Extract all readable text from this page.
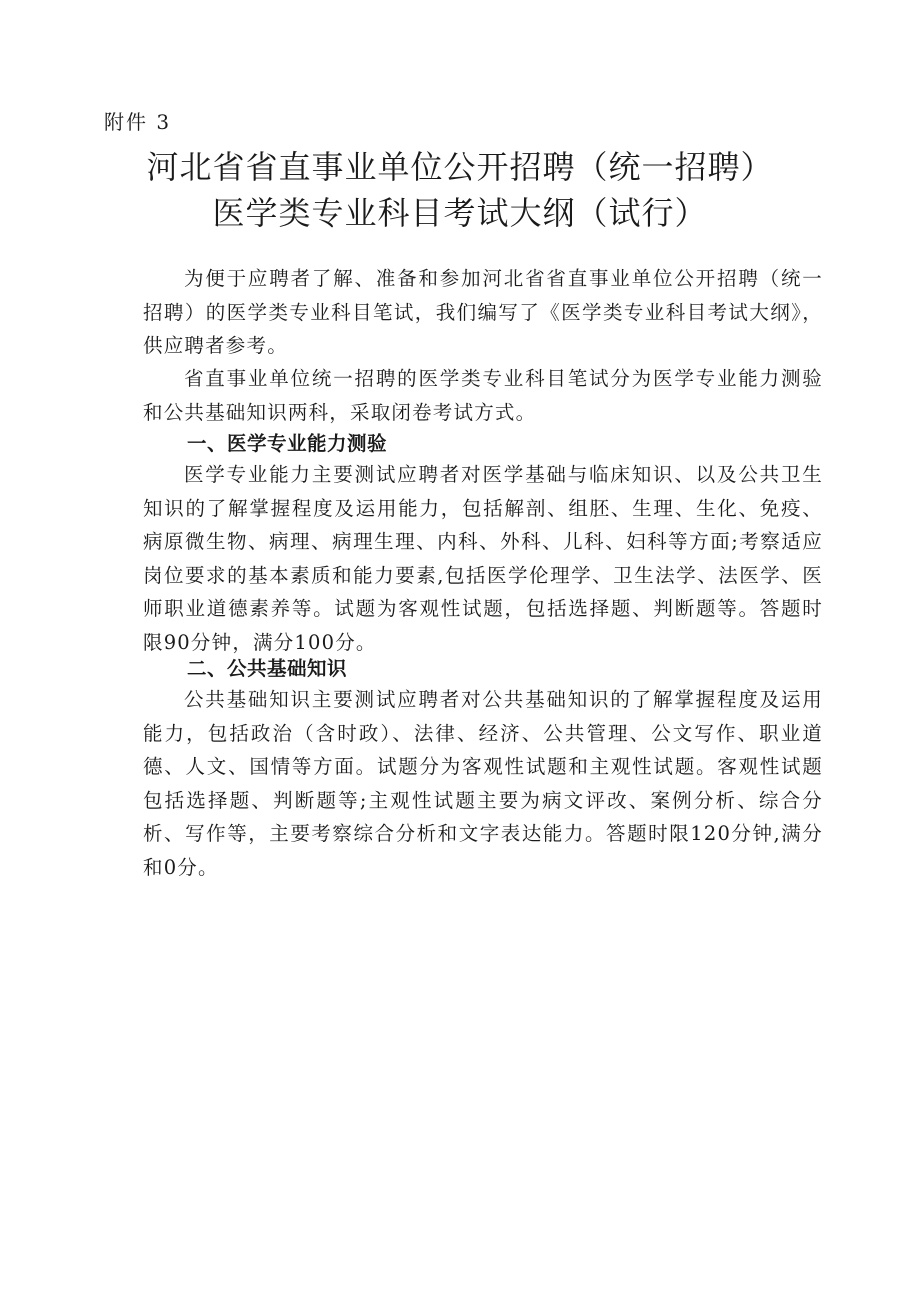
附件 3
河北省省直事业单位公开招聘（统一招聘）
医学类专业科目考试大纲（试行）

为便于应聘者了解、准备和参加河北省省直事业单位公开招聘（统一招聘）的医学类专业科目笔试，我们编写了《医学类专业科目考试大纲》，供应聘者参考。

省直事业单位统一招聘的医学类专业科目笔试分为医学专业能力测验和公共基础知识两科，采取闭卷考试方式。

一、医学专业能力测验

医学专业能力主要测试应聘者对医学基础与临床知识、以及公共卫生知识的了解掌握程度及运用能力，包括解剖、组胚、生理、生化、免疫、病原微生物、病理、病理生理、内科、外科、儿科、妇科等方面;考察适应岗位要求的基本素质和能力要素,包括医学伦理学、卫生法学、法医学、医师职业道德素养等。试题为客观性试题，包括选择题、判断题等。答题时限90分钟，满分100分。

二、公共基础知识

公共基础知识主要测试应聘者对公共基础知识的了解掌握程度及运用能力，包括政治（含时政）、法律、经济、公共管理、公文写作、职业道德、人文、国情等方面。试题分为客观性试题和主观性试题。客观性试题包括选择题、判断题等;主观性试题主要为病文评改、案例分析、综合分析、写作等，主要考察综合分析和文字表达能力。答题时限120分钟,满分和0分。
